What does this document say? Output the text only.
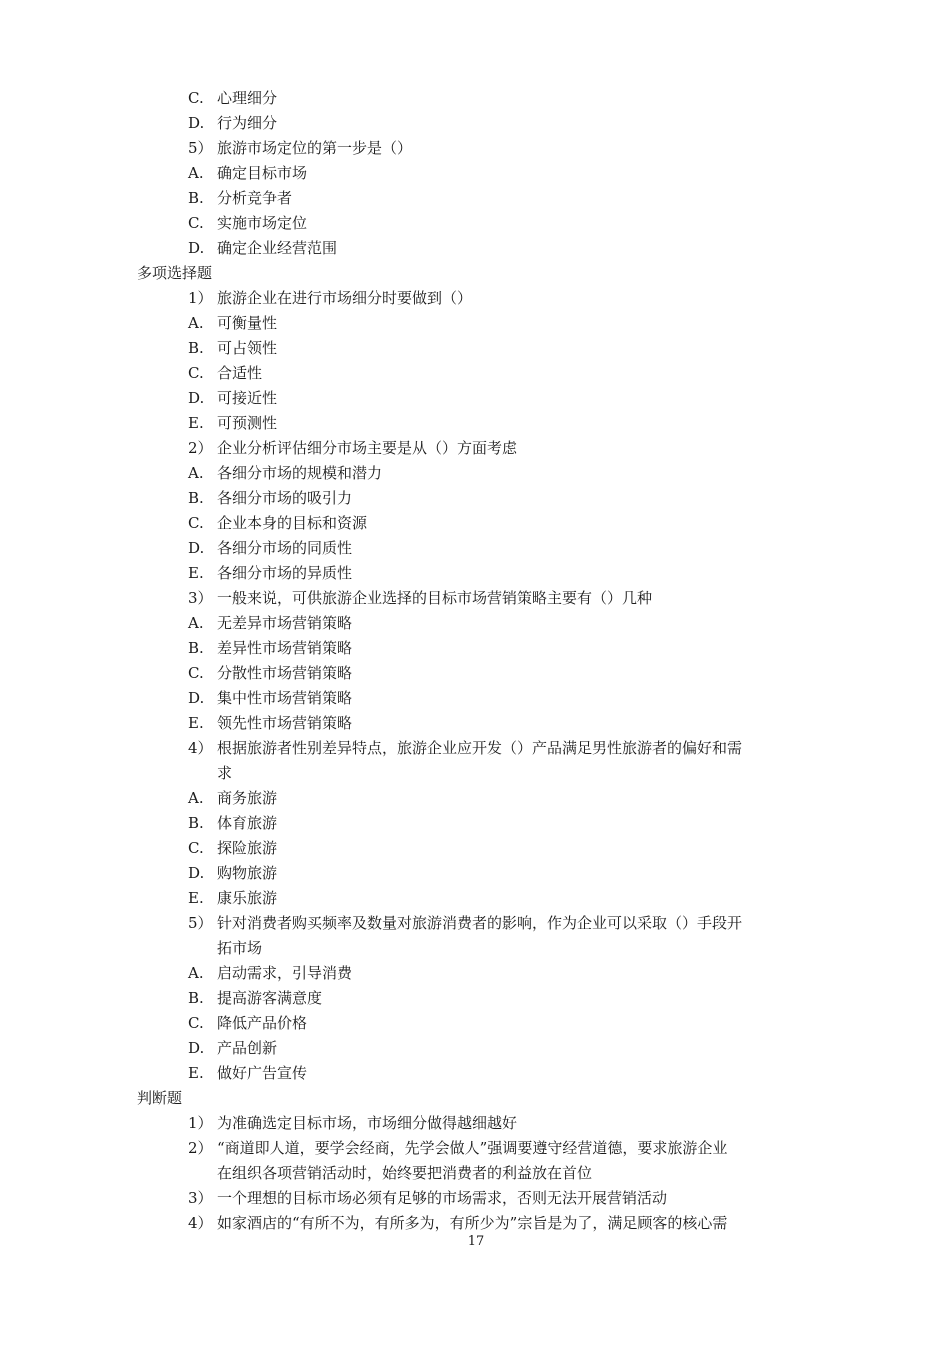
C. 心理细分
D. 行为细分
5） 旅游市场定位的第一步是（）
A. 确定目标市场
B. 分析竞争者
C. 实施市场定位
D. 确定企业经营范围
多项选择题
1） 旅游企业在进行市场细分时要做到（）
A. 可衡量性
B. 可占领性
C. 合适性
D. 可接近性
E. 可预测性
2） 企业分析评估细分市场主要是从（）方面考虑
A. 各细分市场的规模和潜力
B. 各细分市场的吸引力
C. 企业本身的目标和资源
D. 各细分市场的同质性
E. 各细分市场的异质性
3） 一般来说，可供旅游企业选择的目标市场营销策略主要有（）几种
A. 无差异市场营销策略
B. 差异性市场营销策略
C. 分散性市场营销策略
D. 集中性市场营销策略
E. 领先性市场营销策略
4） 根据旅游者性别差异特点，旅游企业应开发（）产品满足男性旅游者的偏好和需
求
A. 商务旅游
B. 体育旅游
C. 探险旅游
D. 购物旅游
E. 康乐旅游
5） 针对消费者购买频率及数量对旅游消费者的影响，作为企业可以采取（）手段开
拓市场
A. 启动需求，引导消费
B. 提高游客满意度
C. 降低产品价格
D. 产品创新
E. 做好广告宣传
判断题
1） 为准确选定目标市场，市场细分做得越细越好
2） “商道即人道，要学会经商，先学会做人”强调要遵守经营道德，要求旅游企业
在组织各项营销活动时，始终要把消费者的利益放在首位
3） 一个理想的目标市场必须有足够的市场需求，否则无法开展营销活动
4） 如家酒店的“有所不为，有所多为，有所少为”宗旨是为了，满足顾客的核心需
17
